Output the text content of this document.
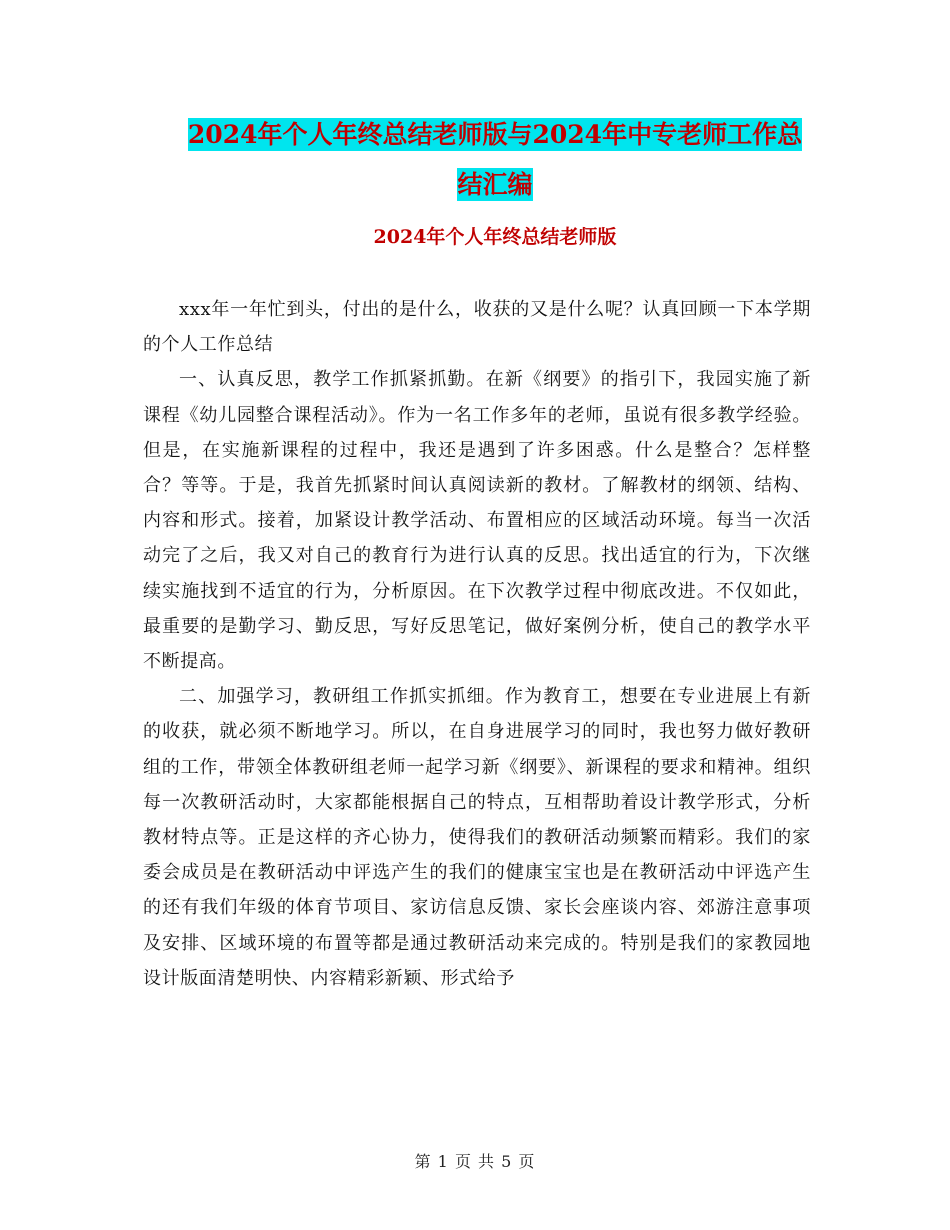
2024年个人年终总结老师版与2024年中专老师工作总
结汇编
2024年个人年终总结老师版

xxx年一年忙到头，付出的是什么，收获的又是什么呢？认真回顾一下本学期的个人工作总结

一、认真反思，教学工作抓紧抓勤。在新《纲要》的指引下，我园实施了新课程《幼儿园整合课程活动》。作为一名工作多年的老师，虽说有很多教学经验。但是，在实施新课程的过程中，我还是遇到了许多困惑。什么是整合？怎样整合？等等。于是，我首先抓紧时间认真阅读新的教材。了解教材的纲领、结构、内容和形式。接着，加紧设计教学活动、布置相应的区域活动环境。每当一次活动完了之后，我又对自己的教育行为进行认真的反思。找出适宜的行为，下次继续实施找到不适宜的行为，分析原因。在下次教学过程中彻底改进。不仅如此，最重要的是勤学习、勤反思，写好反思笔记，做好案例分析，使自己的教学水平不断提高。

二、加强学习，教研组工作抓实抓细。作为教育工，想要在专业进展上有新的收获，就必须不断地学习。所以，在自身进展学习的同时，我也努力做好教研组的工作，带领全体教研组老师一起学习新《纲要》、新课程的要求和精神。组织每一次教研活动时，大家都能根据自己的特点，互相帮助着设计教学形式，分析教材特点等。正是这样的齐心协力，使得我们的教研活动频繁而精彩。我们的家委会成员是在教研活动中评选产生的我们的健康宝宝也是在教研活动中评选产生的还有我们年级的体育节项目、家访信息反馈、家长会座谈内容、郊游注意事项及安排、区域环境的布置等都是通过教研活动来完成的。特别是我们的家教园地设计版面清楚明快、内容精彩新颖、形式给予

第 1 页 共 5 页
